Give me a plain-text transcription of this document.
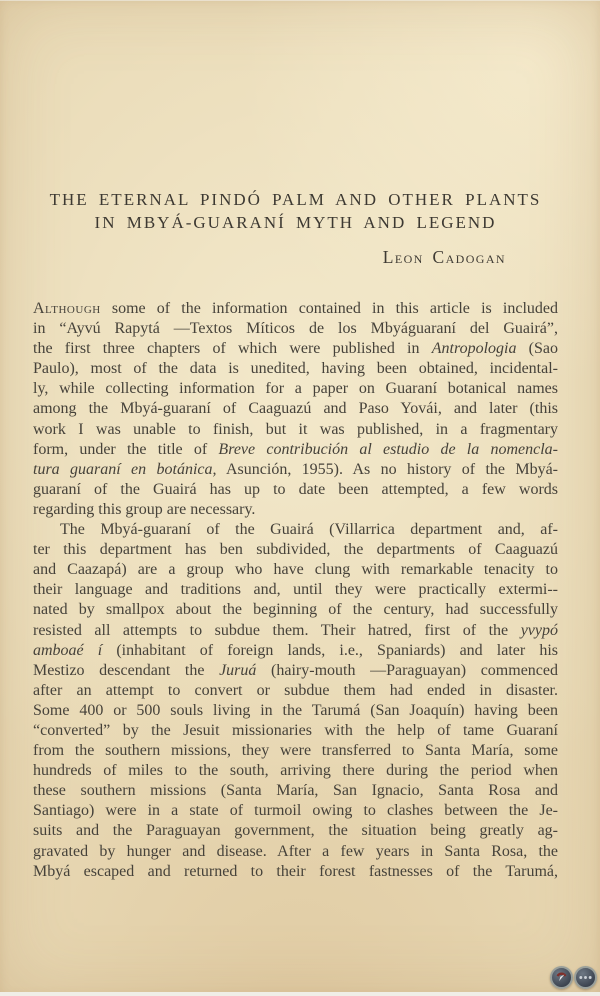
THE ETERNAL PINDÓ PALM AND OTHER PLANTS
IN MBYÁ-GUARANÍ MYTH AND LEGEND
Leon Cadogan

Although some of the information contained in this article is included
in “Ayvú Rapytá —Textos Míticos de los Mbyáguaraní del Guairá”,
the first three chapters of which were published in Antropologia (Sao
Paulo), most of the data is unedited, having been obtained, incidental-
ly, while collecting information for a paper on Guaraní botanical names
among the Mbyá-guaraní of Caaguazú and Paso Yovái, and later (this
work I was unable to finish, but it was published, in a fragmentary
form, under the title of Breve contribución al estudio de la nomencla-
tura guaraní en botánica, Asunción, 1955). As no history of the Mbyá-
guaraní of the Guairá has up to date been attempted, a few words
regarding this group are necessary.

The Mbyá-guaraní of the Guairá (Villarrica department and, af-
ter this department has ben subdivided, the departments of Caaguazú
and Caazapá) are a group who have clung with remarkable tenacity to
their language and traditions and, until they were practically extermi--
nated by smallpox about the beginning of the century, had successfully
resisted all attempts to subdue them. Their hatred, first of the yvypó
amboaé í (inhabitant of foreign lands, i.e., Spaniards) and later his
Mestizo descendant the Juruá (hairy-mouth —Paraguayan) commenced
after an attempt to convert or subdue them had ended in disaster.
Some 400 or 500 souls living in the Tarumá (San Joaquín) having been
“converted” by the Jesuit missionaries with the help of tame Guaraní
from the southern missions, they were transferred to Santa María, some
hundreds of miles to the south, arriving there during the period when
these southern missions (Santa María, San Ignacio, Santa Rosa and
Santiago) were in a state of turmoil owing to clashes between the Je-
suits and the Paraguayan government, the situation being greatly ag-
gravated by hunger and disease. After a few years in Santa Rosa, the
Mbyá escaped and returned to their forest fastnesses of the Tarumá,
